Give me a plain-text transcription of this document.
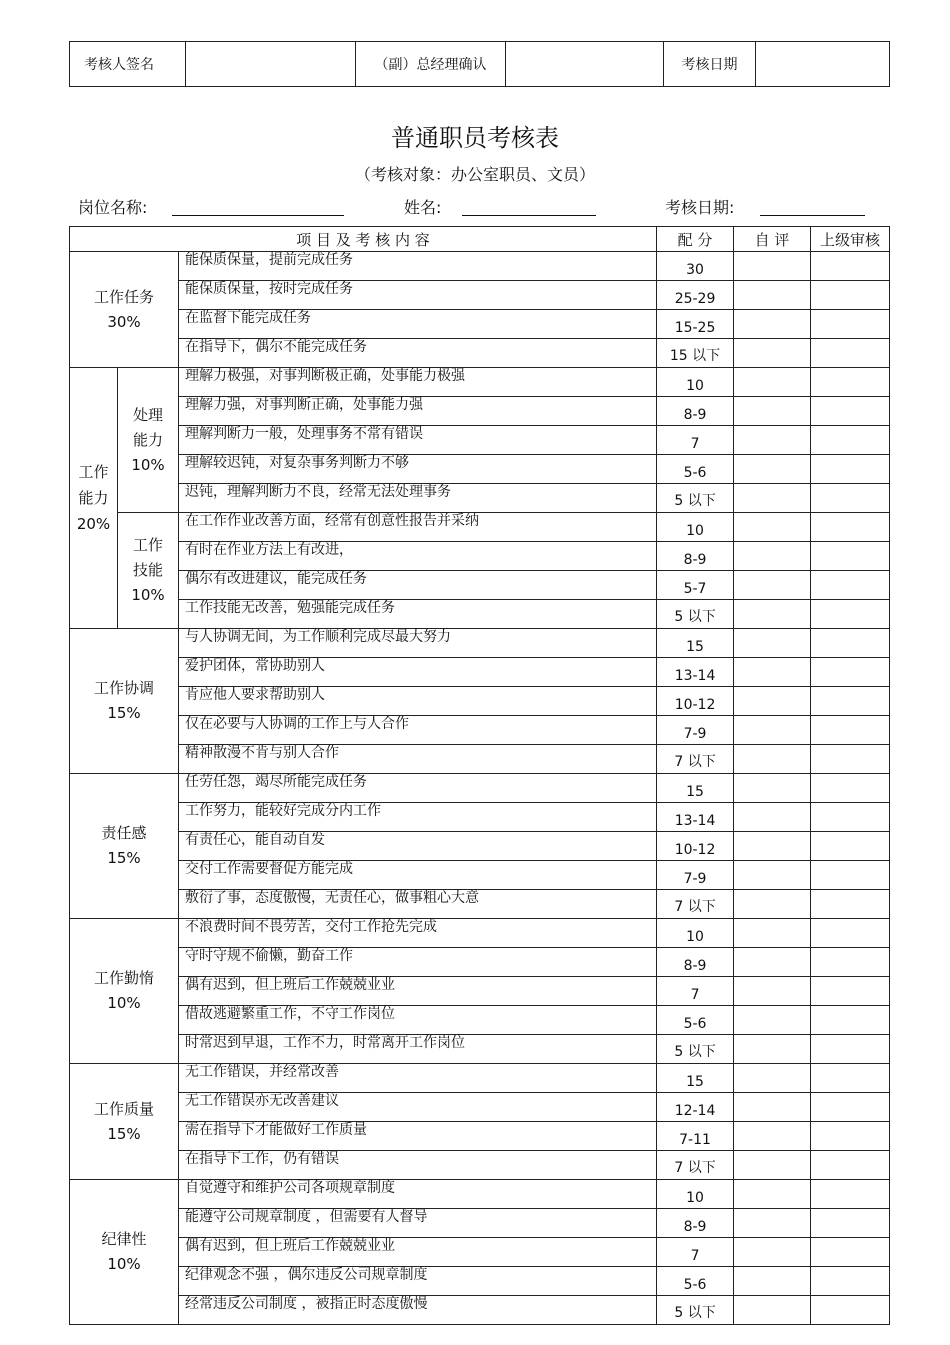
考核人签名		（副）总经理确认		考核日期	
普通职员考核表
（考核对象：办公室职员、文员）
岗位名称:	姓名:	考核日期:
项 目 及 考 核 内 容			配 分	自 评	上级审核

工作任务
30%		能保质保量，提前完成任务	30		
		能保质保量，按时完成任务	25-29		
		在监督下能完成任务	15-25		
		在指导下，偶尔不能完成任务	15 以下		

工作
能力
20%	处理
能力
10%	理解力极强，对事判断极正确，处事能力极强	10		
		理解力强，对事判断正确，处事能力强	8-9		
		理解判断力一般，处理事务不常有错误	7		
		理解较迟钝，对复杂事务判断力不够	5-6		
		迟钝，理解判断力不良，经常无法处理事务	5 以下		

	工作
技能
10%	在工作作业改善方面，经常有创意性报告并采纳	10		
		有时在作业方法上有改进，	8-9		
		偶尔有改进建议，能完成任务	5-7		
		工作技能无改善，勉强能完成任务	5 以下		

工作协调
15%		与人协调无间，为工作顺利完成尽最大努力	15		
		爱护团体，常协助别人	13-14		
		肯应他人要求帮助别人	10-12		
		仅在必要与人协调的工作上与人合作	7-9		
		精神散漫不肯与别人合作	7 以下		

责任感
15%		任劳任怨，竭尽所能完成任务	15		
		工作努力，能较好完成分内工作	13-14		
		有责任心，能自动自发	10-12		
		交付工作需要督促方能完成	7-9		
		敷衍了事，态度傲慢，无责任心，做事粗心大意	7 以下		

工作勤惰
10%		不浪费时间不畏劳苦，交付工作抢先完成	10		
		守时守规不偷懒，勤奋工作	8-9		
		偶有迟到，但上班后工作兢兢业业	7		
		借故逃避繁重工作，不守工作岗位	5-6		
		时常迟到早退，工作不力，时常离开工作岗位	5 以下		

工作质量
15%		无工作错误，并经常改善	15		
		无工作错误亦无改善建议	12-14		
		需在指导下才能做好工作质量	7-11		
		在指导下工作，仍有错误	7 以下		

纪律性
10%		自觉遵守和维护公司各项规章制度	10		
		能遵守公司规章制度 ，但需要有人督导	8-9		
		偶有迟到，但上班后工作兢兢业业	7		
		纪律观念不强 ，偶尔违反公司规章制度	5-6		
		经常违反公司制度 ，被指正时态度傲慢	5 以下		
